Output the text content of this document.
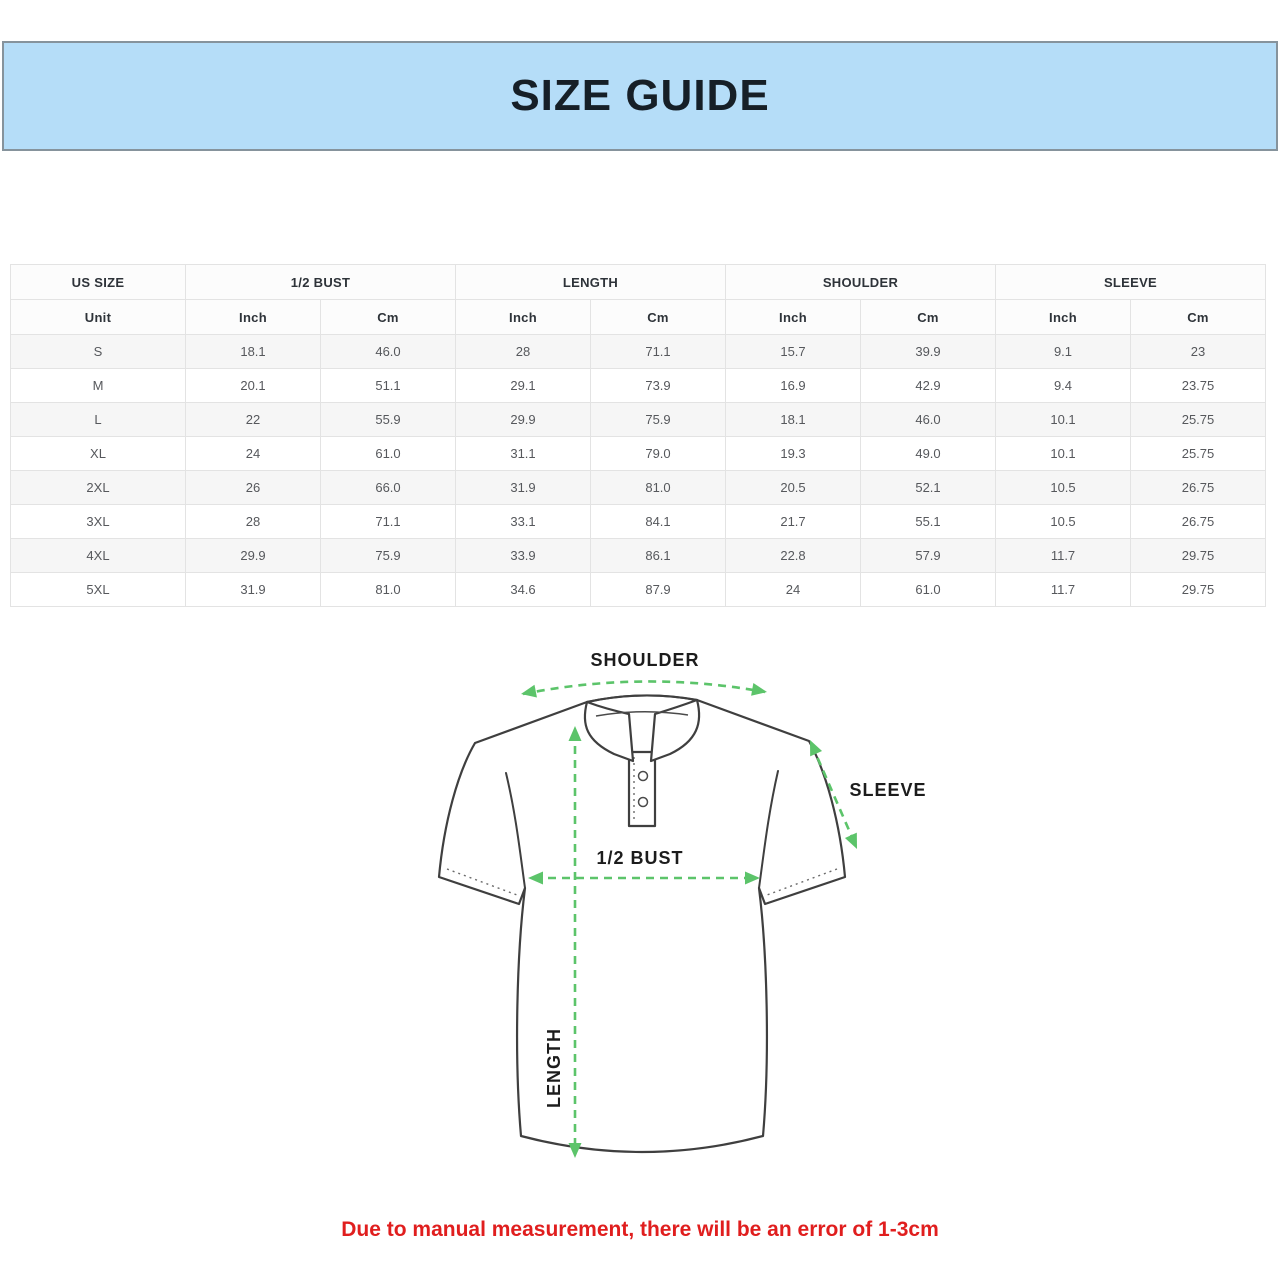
SIZE GUIDE
US SIZE	1/2 BUST		LENGTH		SHOULDER		SLEEVE	
Unit	Inch	Cm	Inch	Cm	Inch	Cm	Inch	Cm
S	18.1	46.0	28	71.1	15.7	39.9	9.1	23
M	20.1	51.1	29.1	73.9	16.9	42.9	9.4	23.75
L	22	55.9	29.9	75.9	18.1	46.0	10.1	25.75
XL	24	61.0	31.1	79.0	19.3	49.0	10.1	25.75
2XL	26	66.0	31.9	81.0	20.5	52.1	10.5	26.75
3XL	28	71.1	33.1	84.1	21.7	55.1	10.5	26.75
4XL	29.9	75.9	33.9	86.1	22.8	57.9	11.7	29.75
5XL	31.9	81.0	34.6	87.9	24	61.0	11.7	29.75
SHOULDER
LENGTH
1/2 BUST
SLEEVE

Due to manual measurement, there will be an error of 1-3cm
